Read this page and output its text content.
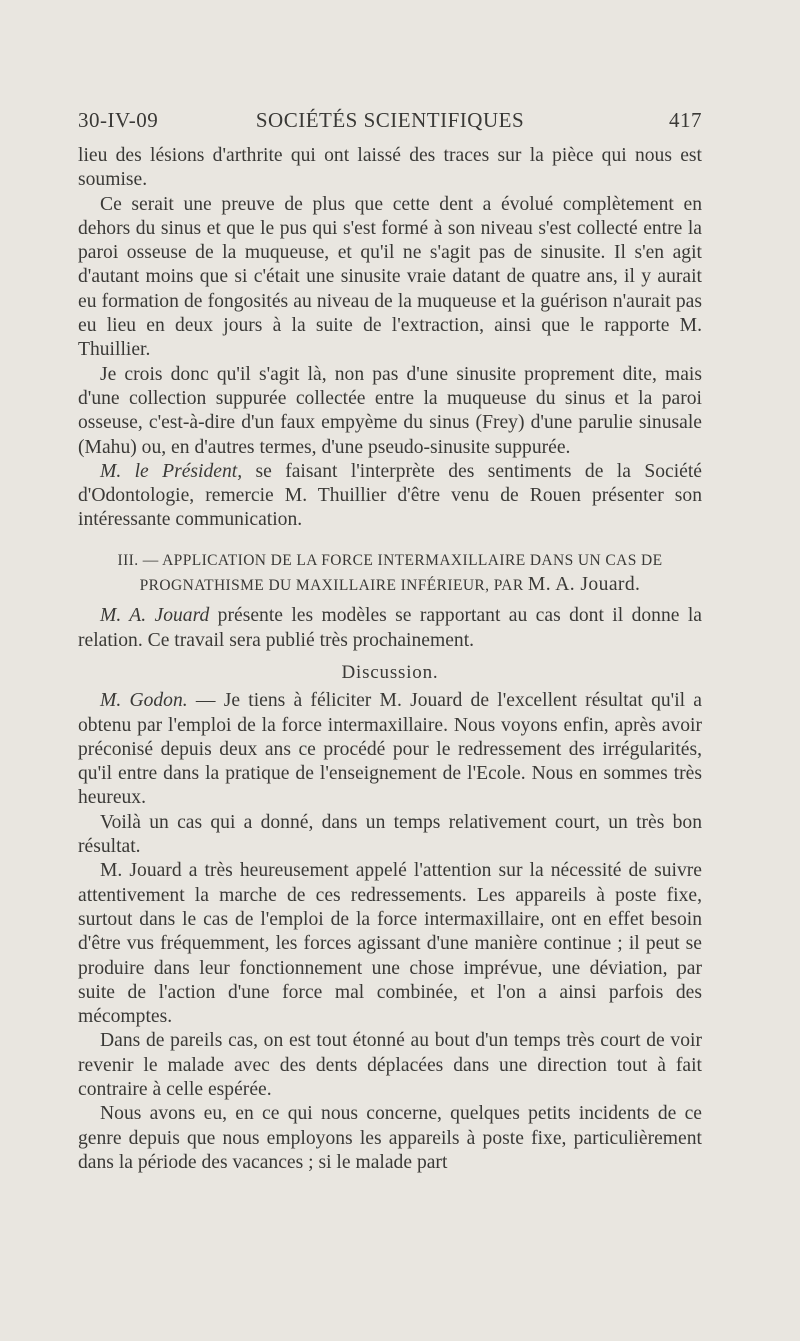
30-IV-09	SOCIÉTÉS SCIENTIFIQUES	417

lieu des lésions d'arthrite qui ont laissé des traces sur la pièce qui nous est soumise.

Ce serait une preuve de plus que cette dent a évolué complètement en dehors du sinus et que le pus qui s'est formé à son niveau s'est collecté entre la paroi osseuse de la muqueuse, et qu'il ne s'agit pas de sinusite. Il s'en agit d'autant moins que si c'était une sinusite vraie datant de quatre ans, il y aurait eu formation de fongosités au niveau de la muqueuse et la guérison n'aurait pas eu lieu en deux jours à la suite de l'extraction, ainsi que le rapporte M. Thuillier.

Je crois donc qu'il s'agit là, non pas d'une sinusite proprement dite, mais d'une collection suppurée collectée entre la muqueuse du sinus et la paroi osseuse, c'est-à-dire d'un faux empyème du sinus (Frey) d'une parulie sinusale (Mahu) ou, en d'autres termes, d'une pseudo-sinusite suppurée.

M. le Président, se faisant l'interprète des sentiments de la Société d'Odontologie, remercie M. Thuillier d'être venu de Rouen présenter son intéressante communication.

III. — APPLICATION DE LA FORCE INTERMAXILLAIRE DANS UN CAS DE
PROGNATHISME DU MAXILLAIRE INFÉRIEUR, PAR M. A. Jouard.

M. A. Jouard présente les modèles se rapportant au cas dont il donne la relation. Ce travail sera publié très prochainement.

Discussion.

M. Godon. — Je tiens à féliciter M. Jouard de l'excellent résultat qu'il a obtenu par l'emploi de la force intermaxillaire. Nous voyons enfin, après avoir préconisé depuis deux ans ce procédé pour le redressement des irrégularités, qu'il entre dans la pratique de l'enseignement de l'Ecole. Nous en sommes très heureux.

Voilà un cas qui a donné, dans un temps relativement court, un très bon résultat.

M. Jouard a très heureusement appelé l'attention sur la nécessité de suivre attentivement la marche de ces redressements. Les appareils à poste fixe, surtout dans le cas de l'emploi de la force intermaxillaire, ont en effet besoin d'être vus fréquemment, les forces agissant d'une manière continue ; il peut se produire dans leur fonctionnement une chose imprévue, une déviation, par suite de l'action d'une force mal combinée, et l'on a ainsi parfois des mécomptes.

Dans de pareils cas, on est tout étonné au bout d'un temps très court de voir revenir le malade avec des dents déplacées dans une direction tout à fait contraire à celle espérée.

Nous avons eu, en ce qui nous concerne, quelques petits incidents de ce genre depuis que nous employons les appareils à poste fixe, particulièrement dans la période des vacances ; si le malade part
